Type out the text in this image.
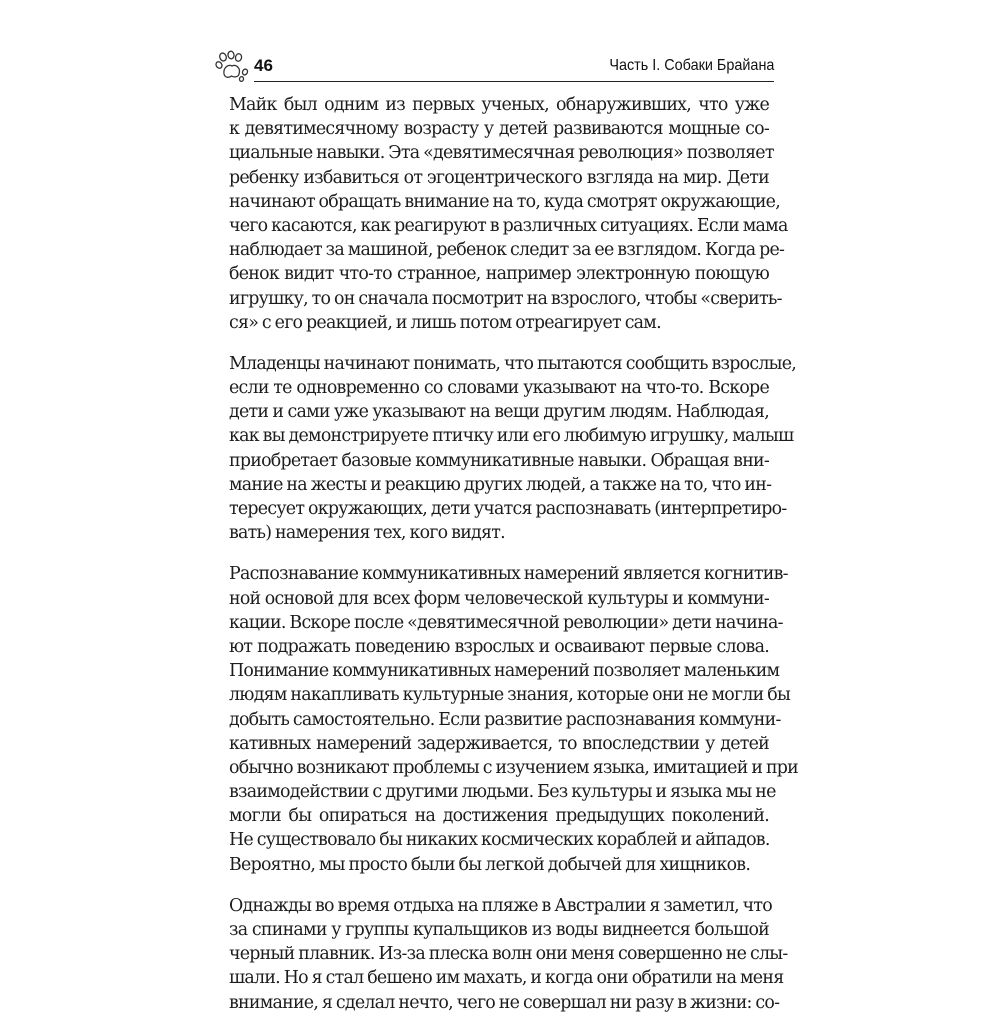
46	Часть I. Собаки Брайана
Майк был одним из первых ученых, обнаруживших, что уже
к девятимесячному возрасту у детей развиваются мощные со-
циальные навыки. Эта «девятимесячная революция» позволяет
ребенку избавиться от эгоцентрического взгляда на мир. Дети
начинают обращать внимание на то, куда смотрят окружающие,
чего касаются, как реагируют в различных ситуациях. Если мама
наблюдает за машиной, ребенок следит за ее взглядом. Когда ре-
бенок видит что-то странное, например электронную поющую
игрушку, то он сначала посмотрит на взрослого, чтобы «сверить-
ся» с его реакцией, и лишь потом отреагирует сам.
Младенцы начинают понимать, что пытаются сообщить взрослые,
если те одновременно со словами указывают на что-то. Вскоре
дети и сами уже указывают на вещи другим людям. Наблюдая,
как вы демонстрируете птичку или его любимую игрушку, малыш
приобретает базовые коммуникативные навыки. Обращая вни-
мание на жесты и реакцию других людей, а также на то, что ин-
тересует окружающих, дети учатся распознавать (интерпретиро-
вать) намерения тех, кого видят.
Распознавание коммуникативных намерений является когнитив-
ной основой для всех форм человеческой культуры и коммуни-
кации. Вскоре после «девятимесячной революции» дети начина-
ют подражать поведению взрослых и осваивают первые слова.
Понимание коммуникативных намерений позволяет маленьким
людям накапливать культурные знания, которые они не могли бы
добыть самостоятельно. Если развитие распознавания коммуни-
кативных намерений задерживается, то впоследствии у детей
обычно возникают проблемы с изучением языка, имитацией и при
взаимодействии с другими людьми. Без культуры и языка мы не
могли бы опираться на достижения предыдущих поколений.
Не существовало бы никаких космических кораблей и айпадов.
Вероятно, мы просто были бы легкой добычей для хищников.
Однажды во время отдыха на пляже в Австралии я заметил, что
за спинами у группы купальщиков из воды виднеется большой
черный плавник. Из-за плеска волн они меня совершенно не слы-
шали. Но я стал бешено им махать, и когда они обратили на меня
внимание, я сделал нечто, чего не совершал ни разу в жизни: со-
